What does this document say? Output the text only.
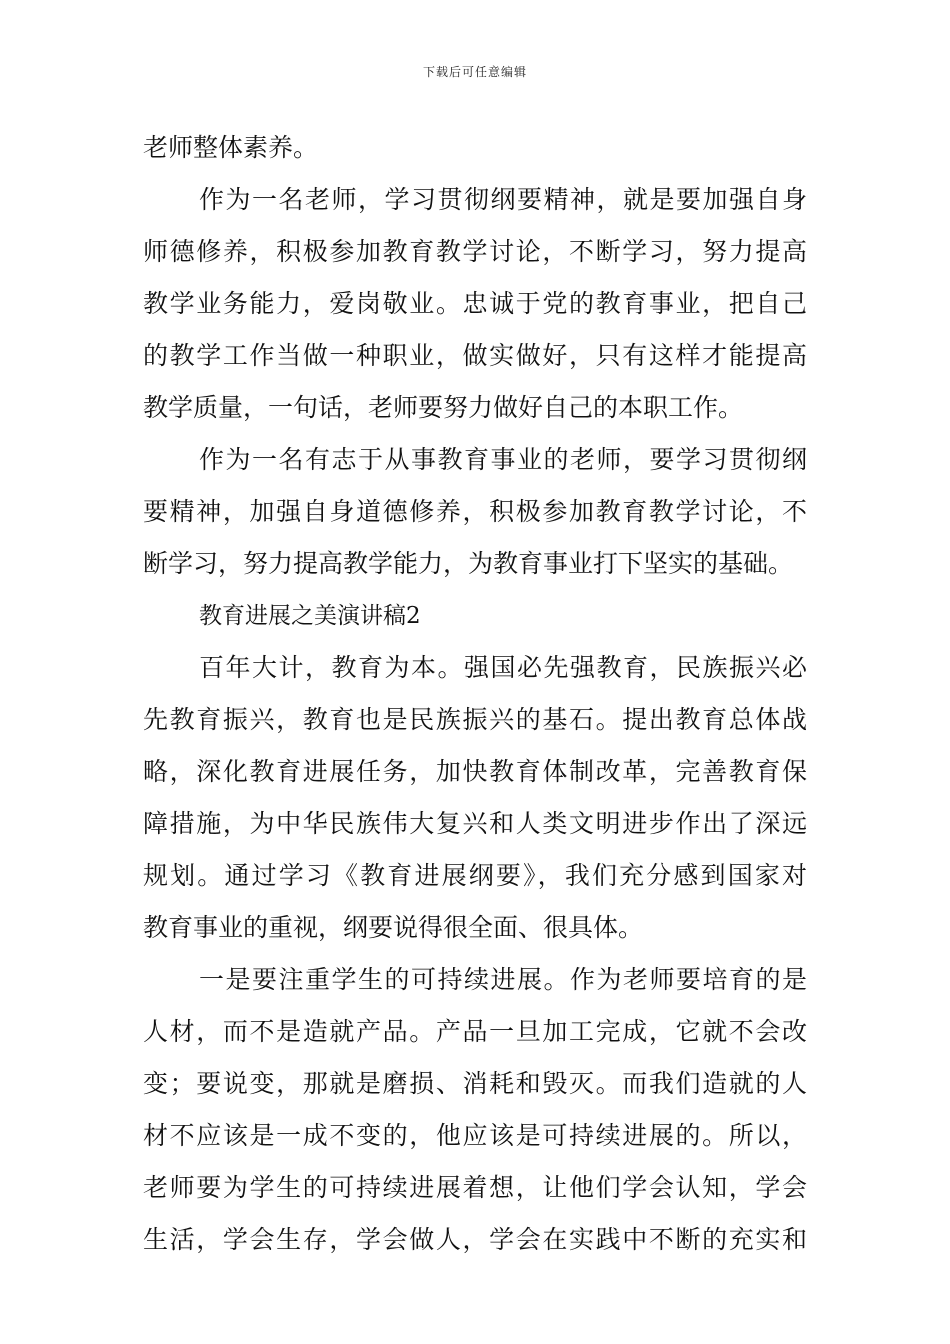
下载后可任意编辑
老师整体素养。
作为一名老师，学习贯彻纲要精神，就是要加强自身
师德修养，积极参加教育教学讨论，不断学习，努力提高
教学业务能力，爱岗敬业。忠诚于党的教育事业，把自己
的教学工作当做一种职业，做实做好，只有这样才能提高
教学质量，一句话，老师要努力做好自己的本职工作。
作为一名有志于从事教育事业的老师，要学习贯彻纲
要精神，加强自身道德修养，积极参加教育教学讨论，不
断学习，努力提高教学能力，为教育事业打下坚实的基础。
教育进展之美演讲稿2
百年大计，教育为本。强国必先强教育，民族振兴必
先教育振兴，教育也是民族振兴的基石。提出教育总体战
略，深化教育进展任务，加快教育体制改革，完善教育保
障措施，为中华民族伟大复兴和人类文明进步作出了深远
规划。通过学习《教育进展纲要》，我们充分感到国家对
教育事业的重视，纲要说得很全面、很具体。
一是要注重学生的可持续进展。作为老师要培育的是
人材，而不是造就产品。产品一旦加工完成，它就不会改
变；要说变，那就是磨损、消耗和毁灭。而我们造就的人
材不应该是一成不变的，他应该是可持续进展的。所以，
老师要为学生的可持续进展着想，让他们学会认知，学会
生活，学会生存，学会做人，学会在实践中不断的充实和
